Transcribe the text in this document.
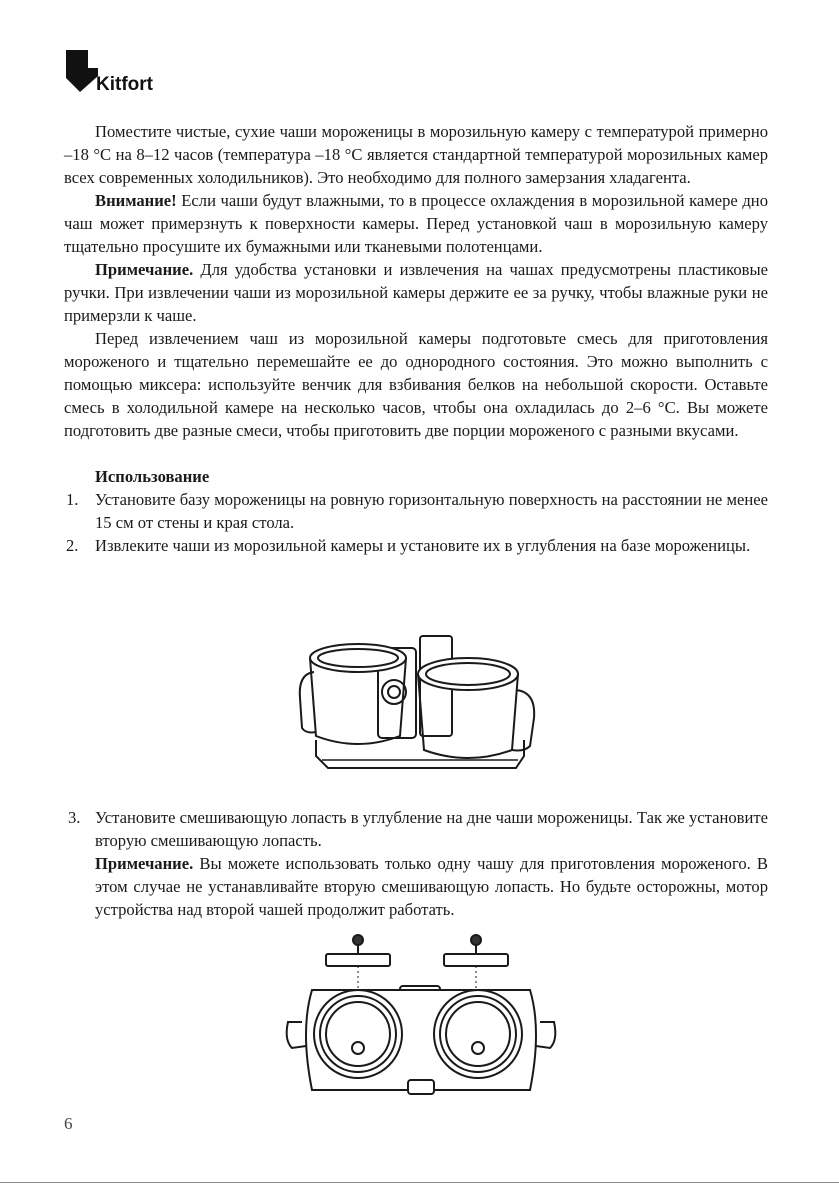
Kitfort

Поместите чистые, сухие чаши мороженицы в морозильную камеру с температурой примерно –18 °С на 8–12 часов (температура –18 °С является стандартной температурой морозильных камер всех современных холодильников). Это необходимо для полного замерзания хладагента.

Внимание! Если чаши будут влажными, то в процессе охлаждения в морозильной камере дно чаш может примерзнуть к поверхности камеры. Перед установкой чаш в морозильную камеру тщательно просушите их бумажными или тканевыми полотенцами.

Примечание. Для удобства установки и извлечения на чашах предусмотрены пластиковые ручки. При извлечении чаши из морозильной камеры держите ее за ручку, чтобы влажные руки не примерзли к чаше.

Перед извлечением чаш из морозильной камеры подготовьте смесь для приготовления мороженого и тщательно перемешайте ее до однородного состояния. Это можно выполнить с помощью миксера: используйте венчик для взбивания белков на небольшой скорости. Оставьте смесь в холодильной камере на несколько часов, чтобы она охладилась до 2–6 °С. Вы можете подготовить две разные смеси, чтобы приготовить две порции мороженого с разными вкусами.

Использование

1. Установите базу мороженицы на ровную горизонтальную поверхность на расстоянии не менее 15 см от стены и края стола.
2. Извлеките чаши из морозильной камеры и установите их в углубления на базе мороженицы.
3. Установите смешивающую лопасть в углубление на дне чаши мороженицы. Так же установите вторую смешивающую лопасть.
Примечание. Вы можете использовать только одну чашу для приготовления мороженого. В этом случае не устанавливайте вторую смешивающую лопасть. Но будьте осторожны, мотор устройства над второй чашей продолжит работать.
6
